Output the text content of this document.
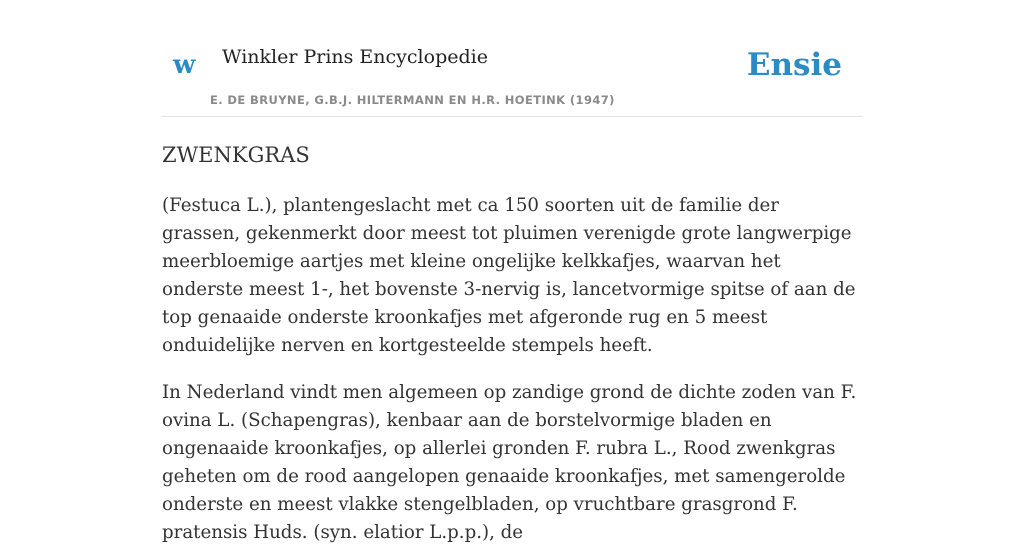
w Winkler Prins Encyclopedie
E. DE BRUYNE, G.B.J. HILTERMANN EN H.R. HOETINK (1947)
Ensie
ZWENKGRAS

(Festuca L.), plantengeslacht met ca 150 soorten uit de familie der grassen, gekenmerkt door meest tot pluimen verenigde grote langwerpige meerbloemige aartjes met kleine ongelijke kelkkafjes, waarvan het onderste meest 1-, het bovenste 3-nervig is, lancetvormige spitse of aan de top genaaide onderste kroonkafjes met afgeronde rug en 5 meest onduidelijke nerven en kortgesteelde stempels heeft.

In Nederland vindt men algemeen op zandige grond de dichte zoden van F. ovina L. (Schapengras), kenbaar aan de borstelvormige bladen en ongenaaide kroonkafjes, op allerlei gronden F. rubra L., Rood zwenkgras geheten om de rood aangelopen genaaide kroonkafjes, met samengerolde onderste en meest vlakke stengelbladen, op vruchtbare grasgrond F. pratensis Huds. (syn. elatior L.p.p.), de
